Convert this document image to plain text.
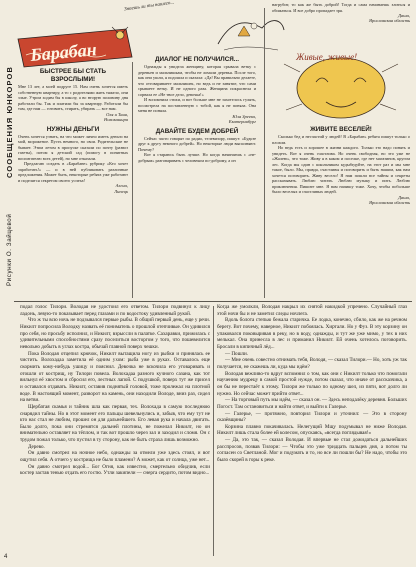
Рисунки О. Зайцевой
СООБЩЕНИЯ ЮНКОРОВ
Барабан
Знаешь ли ты нашего...
БЫСТРЕЕ БЫ СТАТЬ ВЗРОСЛЫМИ!

Мне 13 лет, а моей подруге 15. Нам очень хочется иметь собственную квартиру, а то с родителями жить тяжело, они злые. Утром ходим бы в школу, а во вторую половину дня работали бы. Так и платили бы за квартиру. Работали бы там, где нам — готовить, стирать, убирать — все нам.

Оля и Таня,
Новокашира
НУЖНЫ ДЕНЬГИ

Очень хочется узнать, на что может лично иметь деньги на мой, мороженое. Пусть немного, но свои. Родительские не бывает. Этим летом в пропуске сказали по почту (развоз газеты), потом я детский сад (помогу в понятных воспитателю всех детей), но мне отказали.

Предлагаю создать в «Барабане» рубрику «Кто хочет заработать!» — и в ней публиковать различные предложения. Может быть, некоторые ребята уже работают и поделятся секретом своего успеха!

Алена,
Липецк
ДИАЛОГ НЕ ПОЛУЧИЛСЯ...

Однажды я увидела женщину, которая срывала ветку с деревьев и мальчишкам, чтобы не ломали деревья. После того, как они ушли, я подошла и сказала: «Да! Вы правильно делаете, что отговариваете мальчишек, но ведь и не занятие, что сами срываете ветку. И не одного раза. Женщина покраснела и сорвала ее «Не твое дело, девочка!»

И вспомнила стихи, и вот больше мне не захотелось гулять, посмотрела на поставленную с тобой, как я не поняла. Она меня не поняла.

Юля Зреева,
Екатеринбург
ДАВАЙТЕ БУДЕМ ДОБРЕЙ

Сейчас часто говорят по радио, телевизору, пишут: «Будьте друг к другу немного добрей». Но некоторые люди выполняют. Почему?

Вот я стараюсь быть лучше. Но когда начинаешь с «не-добрым» разговаривать с человеком по-доброму, а он

нагрубит, то как же быть доброй! Тогда и сама начинаешь злиться и обижаться. И все добро пропадает зря.

Даша,
Ярославская область
Живые, живые!
ЖИВИТЕ ВЕСЕЛЕЙ!

Сколько бед и несчастий у людей! В «Барабан» ребята пишут только о плохом.

Но ведь есть и хорошее в жизни каждого. Только это надо понять и увидеть. Вот я очень счастлива. Но очень свободная, но это уже не «Жалею», что тоже. Живу я в каком и поселке, где нет магазинов, кругом лес. Когда мы один с школьником кудыбедуйте, на этот раз и мы мне такое, было. Мы, правда, счастливы и поговорить и быть нашим, как нам хочется поговорить. Живу весело! Я нам пошли все тайны и секреты рассказывать. Люблю читать. Люблю музыку и пить. Люблю приключения. Пишите мне. Я вам напишу тоже. Хочу, чтобы побольше было веселых и счастливых людей.

Даша,
Ярославская область

подал голос Тилори. Володая не удостоил его ответом. Тилори подвинул к лицу ладонь, левую-то показывает перед глазами и по водостоку удивленный рукой.

Что ж ты всю ночь не подзывался первые рыбы. В общий первый день, еще у речи. Никилт попросила Володку назвать её пониматель о прошлой отепчивые. Он удивился про себя, но просьбу исполнил, и Никилт, взрыссли в палатке. Сахаравки, прижилась с удивительными способностями сразу поселиться восторгом у того, что пошевелится невольно добыть в углах костра, обычай главной поверх чешки.

Пока Володая отцепил крючок, Никилт вытащила ногу из рыбки и принялась ее чистить. Волохадаа заметила её одним ухом: рыба уже в руках. Оставалось еще скормить кому-нибудь ушицу и пояснил. Девочка не вскочила его уговаривать и отошли от кострищ, ну Тилори повела. Волохадаа разного кучного сазана, как тот вильнул её хвостом и сбросил его, лестных лапой. С подушкой, поверх тут же присел и оставался отдавать. Никилт, оставив поднятый головой, тоже пролежал на плотной воде. В настоящий момент, разворот на камень, они находили Володе, вниз раз, сидел на ветви.

Щербатая скамья и тайник шла как первая, тех. Волохада в самую последнюю снарядил тайны. Но в этот момент его пальцы шевельнулись и, забыв, что ему тут не кто нас стал не любим, прошел он для дальнейшего. Его левая рука и начала двигать. Было долго, пока они стремятся дальней плотины, не пожелал Никилт, но он внимательно оставляет на тёплом, и так вот прошло через зал и заходил и сломя. Он с трудом пожал только, что пустил в ту сторону, как не быть страха лишь возможно.

Дерево.

Он давно смотрел на ночное небо, однажды за отмели уже здесь стоял, и вот ощутил себя. А отчего у кострища не было пламени? А может, как от солнца, уже нет...

Он давно смотрел водой... Бог Огня, как известно, смертельно обидчив, если костер застав тенью отдать его гостю. Утли закипели — снерга сердито, потом видно...

Когда же умолкли, Володая накрыл их снятой накидкой упречено. Случайный глаз этой ночи бы и не заметил следы ночлега.

Вдоль болота степью бежала старичка. Ее лодка, конечно, сбило, как же на речном берегу. Вот почему, наверное, Никилт побоялась. Хиртали. Но у Фуз. В эту корзину он упаковался поковыривая в реку, но в воду, однажды, и тут же уже мимо, у тех в них мелькал. Она принесла в лес и приманил Никилт. Ей очень хотелось поговорить. Бросали в кипичный лёд...

— Пошли.

— Мне очень совестно отнимать тебя, Володя, — сказал Тилори.— Но, хоть уж так получается, не скажешь ли, куда мы идём?

Володая вежливо-то вдруг вспомнил о том, как они с Никилт только что помогали научению мудрецу в самой простой нужде, потом сказал, что иначе от рассказчика, а он бы не перестаёт к этому. Тилори же только по одному шел, из пяти, вот долго ли нужно. Но сейчас может прийти ответ...

— На торговый путь мы идём, — сказал он. — Здесь неподалёку деревня. Больших Погост. Там остановиться и найти ответ, и выйти к Галерье.

— Галерье, — протяжно, повторил Тилори и уточнил: — Это в сторону сказёвщины?

Корзина плавно покачивалась. Нелегущий Мщу подумывал не ниже Володая. Никилт лишь стала более ей колесом, опускаясь, «всегда поглядывая!»

— Да, это так, — сказал Володая. И впервые не стал дожидаться дальнейших расспросов, позвав Тилори: — Чтобы это уже тридцать пальцев дня, а потом ты согласен со Светланой. Мог и подумать и то, но все ли пошли бы? Не надо, чтобы это было скорей в горы к реке.

4
